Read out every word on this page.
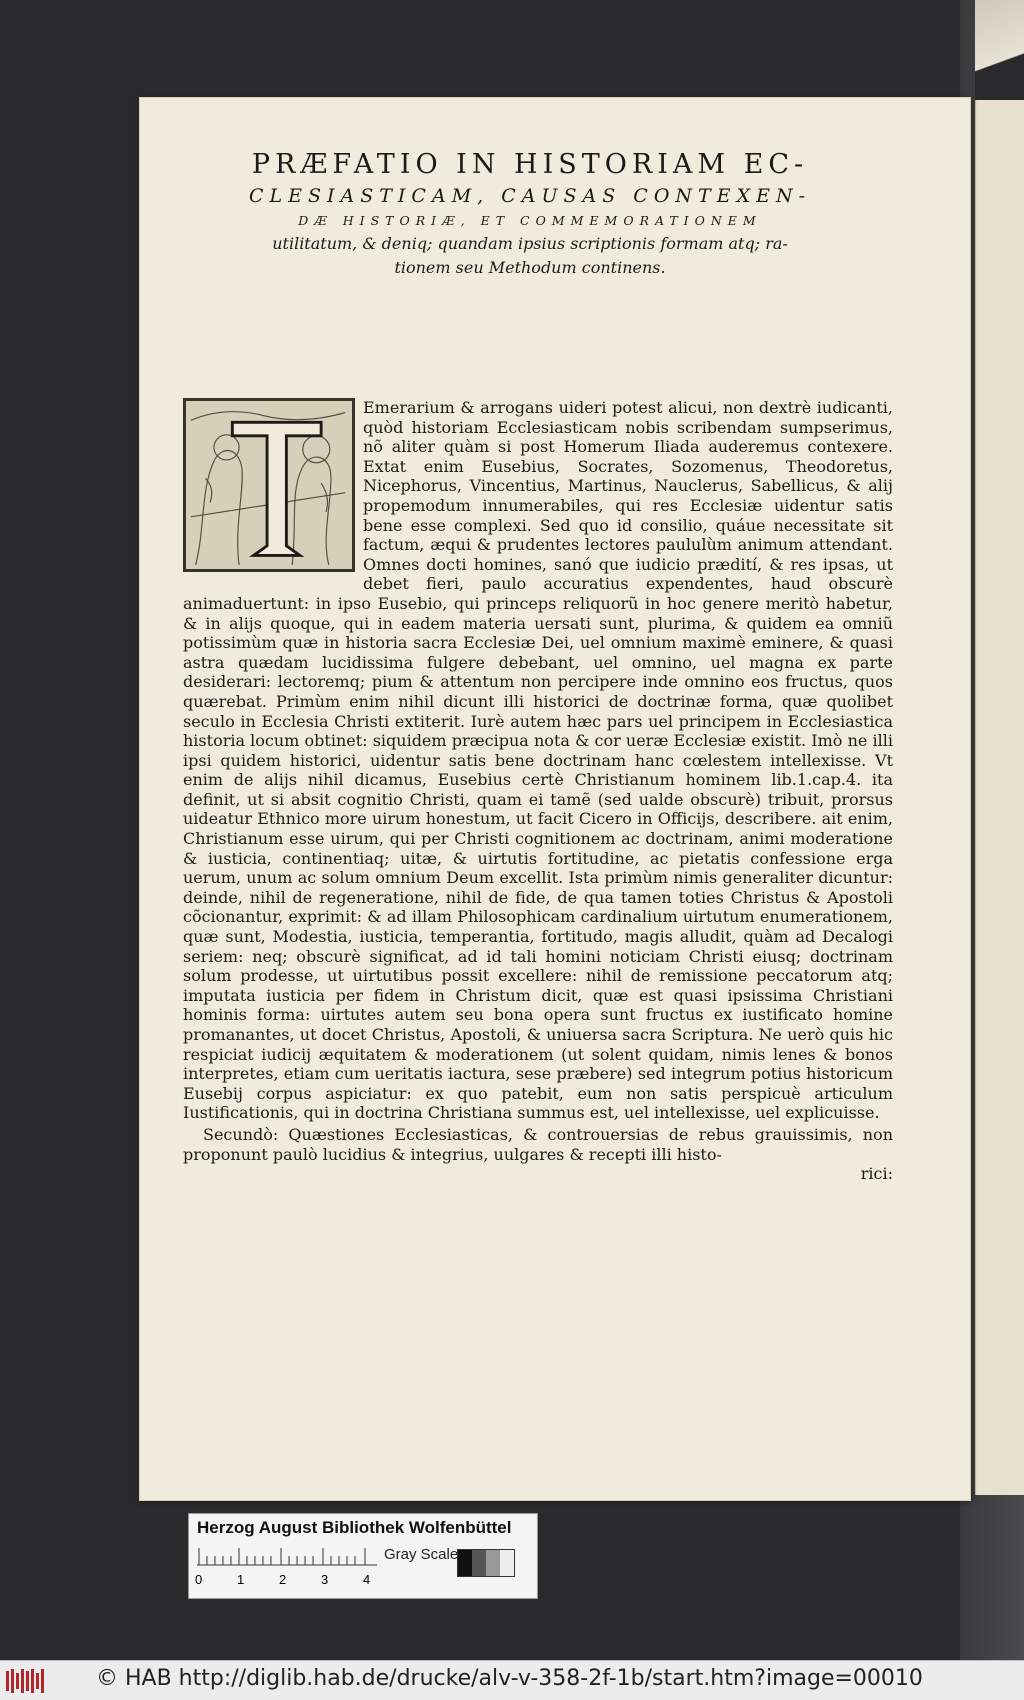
PRÆFATIO IN HISTORIAM EC-

CLESIASTICAM, CAUSAS CONTEXEN-

DÆ HISTORIÆ, ET COMMEMORATIONEM

utilitatum, & deniq; quandam ipsius scriptionis formam atq; ra-

tionem seu Methodum continens.

Emerarium & arrogans uideri potest alicui, non dextrè iudicanti, quòd historiam Ecclesiasticam nobis scribendam sumpserimus, nõ aliter quàm si post Homerum Iliada auderemus contexere. Extat enim Eusebius, Socrates, Sozomenus, Theodoretus, Nicephorus, Vincentius, Martinus, Nauclerus, Sabellicus, & alij propemodum innumerabiles, qui res Ecclesiæ uidentur satis bene esse complexi. Sed quo id consilio, quáue necessitate sit factum, æqui & prudentes lectores paululùm animum attendant. Omnes docti homines, sanó que iudicio prædití, & res ipsas, ut debet fieri, paulo accuratius expendentes, haud obscurè animaduertunt: in ipso Eusebio, qui princeps reliquorũ in hoc genere meritò habetur, & in alijs quoque, qui in eadem materia uersati sunt, plurima, & quidem ea omniũ potissimùm quæ in historia sacra Ecclesiæ Dei, uel omnium maximè eminere, & quasi astra quædam lucidissima fulgere debebant, uel omnino, uel magna ex parte desiderari: lectoremq; pium & attentum non percipere inde omnino eos fructus, quos quærebat. Primùm enim nihil dicunt illi historici de doctrinæ forma, quæ quolibet seculo in Ecclesia Christi extiterit. Iurè autem hæc pars uel principem in Ecclesiastica historia locum obtinet: siquidem præcipua nota & cor ueræ Ecclesiæ existit. Imò ne illi ipsi quidem historici, uidentur satis bene doctrinam hanc cœlestem intellexisse. Vt enim de alijs nihil dicamus, Eusebius certè Christianum hominem lib.1.cap.4. ita definit, ut si absit cognitio Christi, quam ei tamẽ (sed ualde obscurè) tribuit, prorsus uideatur Ethnico more uirum honestum, ut facit Cicero in Officijs, describere. ait enim, Christianum esse uirum, qui per Christi cognitionem ac doctrinam, animi moderatione & iusticia, continentiaq; uitæ, & uirtutis fortitudine, ac pietatis confessione erga uerum, unum ac solum omnium Deum excellit. Ista primùm nimis generaliter dicuntur: deinde, nihil de regeneratione, nihil de fide, de qua tamen toties Christus & Apostoli cõcionantur, exprimit: & ad illam Philosophicam cardinalium uirtutum enumerationem, quæ sunt, Modestia, iusticia, temperantia, fortitudo, magis alludit, quàm ad Decalogi seriem: neq; obscurè significat, ad id tali homini noticiam Christi eiusq; doctrinam solum prodesse, ut uirtutibus possit excellere: nihil de remissione peccatorum atq; imputata iusticia per fidem in Christum dicit, quæ est quasi ipsissima Christiani hominis forma: uirtutes autem seu bona opera sunt fructus ex iustificato homine promanantes, ut docet Christus, Apostoli, & uniuersa sacra Scriptura. Ne uerò quis hic respiciat iudicij æquitatem & moderationem (ut solent quidam, nimis lenes & bonos interpretes, etiam cum ueritatis iactura, sese præbere) sed integrum potius historicum Eusebij corpus aspiciatur: ex quo patebit, eum non satis perspicuè articulum Iustificationis, qui in doctrina Christiana summus est, uel intellexisse, uel explicuisse.

Secundò: Quæstiones Ecclesiasticas, & controuersias de rebus grauissimis, non proponunt paulò lucidius & integrius, uulgares & recepti illi histo-

rici:

Herzog August Bibliothek Wolfenbüttel
0	1	2	3	4
Gray Scale
© HAB http://diglib.hab.de/drucke/alv-v-358-2f-1b/start.htm?image=00010
